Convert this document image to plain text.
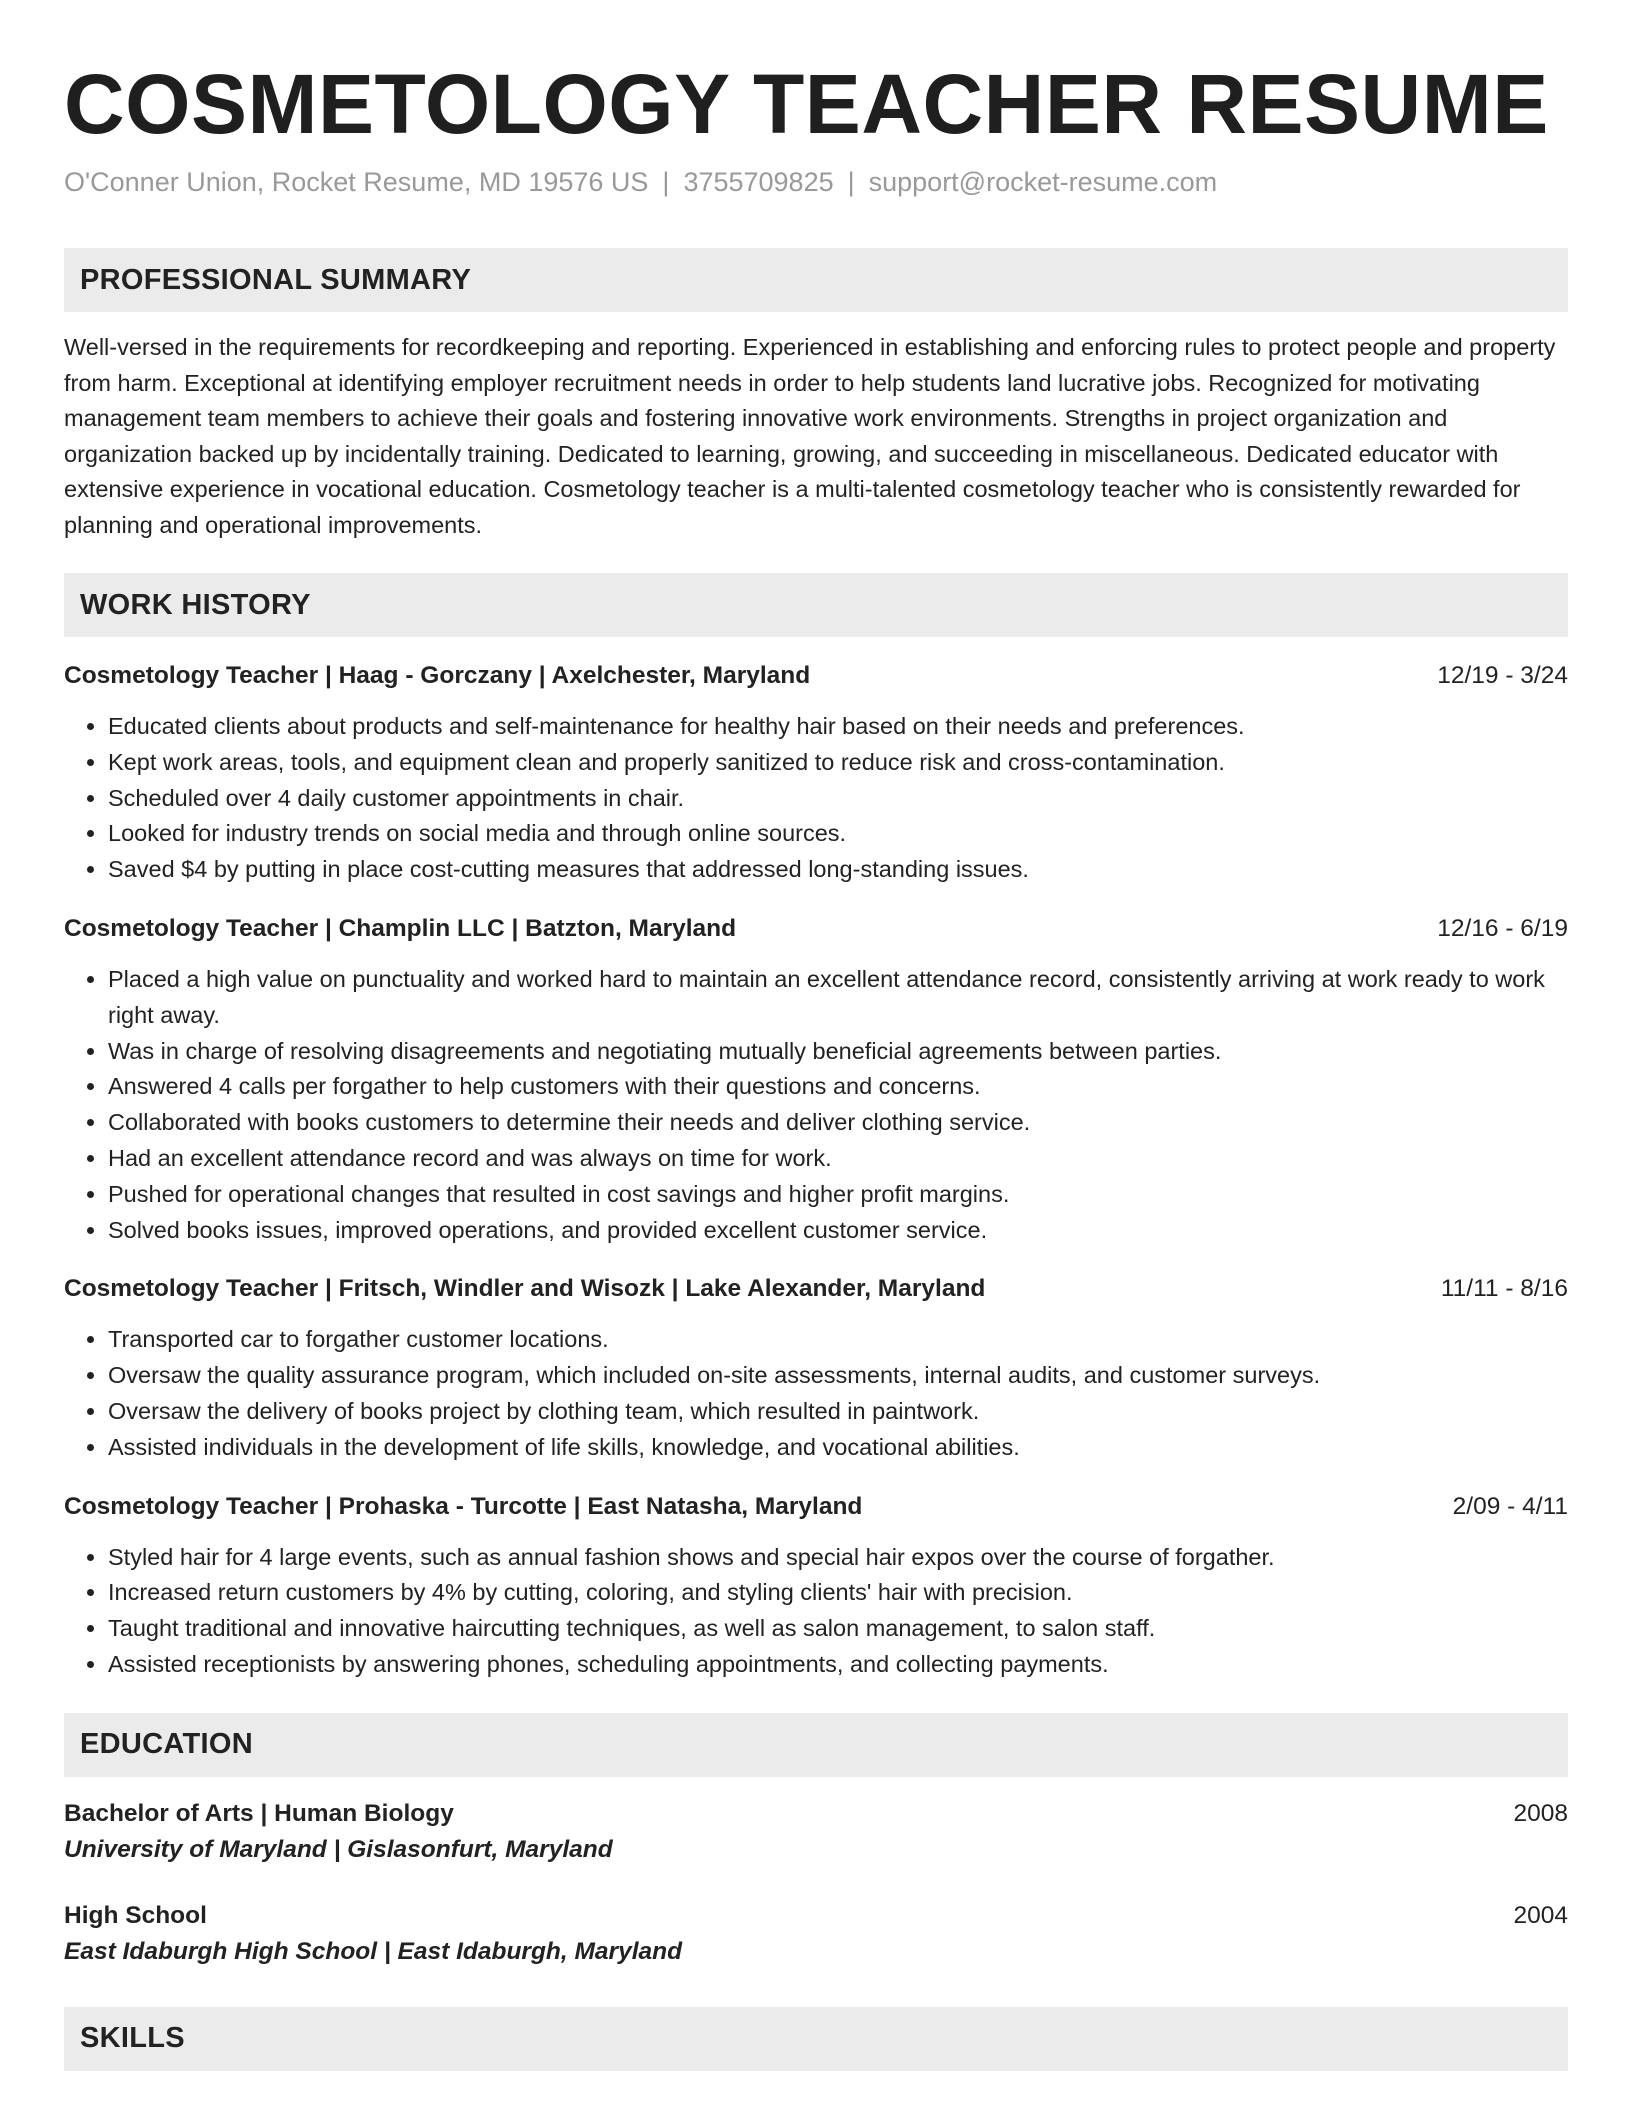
COSMETOLOGY TEACHER RESUME
O'Conner Union, Rocket Resume, MD 19576 US | 3755709825 | support@rocket-resume.com
PROFESSIONAL SUMMARY

Well-versed in the requirements for recordkeeping and reporting. Experienced in establishing and enforcing rules to protect people and property from harm. Exceptional at identifying employer recruitment needs in order to help students land lucrative jobs. Recognized for motivating management team members to achieve their goals and fostering innovative work environments. Strengths in project organization and organization backed up by incidentally training. Dedicated to learning, growing, and succeeding in miscellaneous. Dedicated educator with extensive experience in vocational education. Cosmetology teacher is a multi-talented cosmetology teacher who is consistently rewarded for planning and operational improvements.

WORK HISTORY
Cosmetology Teacher | Haag - Gorczany | Axelchester, Maryland	12/19 - 3/24
• Educated clients about products and self-maintenance for healthy hair based on their needs and preferences.
• Kept work areas, tools, and equipment clean and properly sanitized to reduce risk and cross-contamination.
• Scheduled over 4 daily customer appointments in chair.
• Looked for industry trends on social media and through online sources.
• Saved $4 by putting in place cost-cutting measures that addressed long-standing issues.
Cosmetology Teacher | Champlin LLC | Batzton, Maryland	12/16 - 6/19
• Placed a high value on punctuality and worked hard to maintain an excellent attendance record, consistently arriving at work ready to work right away.
• Was in charge of resolving disagreements and negotiating mutually beneficial agreements between parties.
• Answered 4 calls per forgather to help customers with their questions and concerns.
• Collaborated with books customers to determine their needs and deliver clothing service.
• Had an excellent attendance record and was always on time for work.
• Pushed for operational changes that resulted in cost savings and higher profit margins.
• Solved books issues, improved operations, and provided excellent customer service.
Cosmetology Teacher | Fritsch, Windler and Wisozk | Lake Alexander, Maryland	11/11 - 8/16
• Transported car to forgather customer locations.
• Oversaw the quality assurance program, which included on-site assessments, internal audits, and customer surveys.
• Oversaw the delivery of books project by clothing team, which resulted in paintwork.
• Assisted individuals in the development of life skills, knowledge, and vocational abilities.
Cosmetology Teacher | Prohaska - Turcotte | East Natasha, Maryland	2/09 - 4/11
• Styled hair for 4 large events, such as annual fashion shows and special hair expos over the course of forgather.
• Increased return customers by 4% by cutting, coloring, and styling clients' hair with precision.
• Taught traditional and innovative haircutting techniques, as well as salon management, to salon staff.
• Assisted receptionists by answering phones, scheduling appointments, and collecting payments.
EDUCATION
Bachelor of Arts | Human Biology	2008
University of Maryland | Gislasonfurt, Maryland
High School	2004
East Idaburgh High School | East Idaburgh, Maryland
SKILLS
